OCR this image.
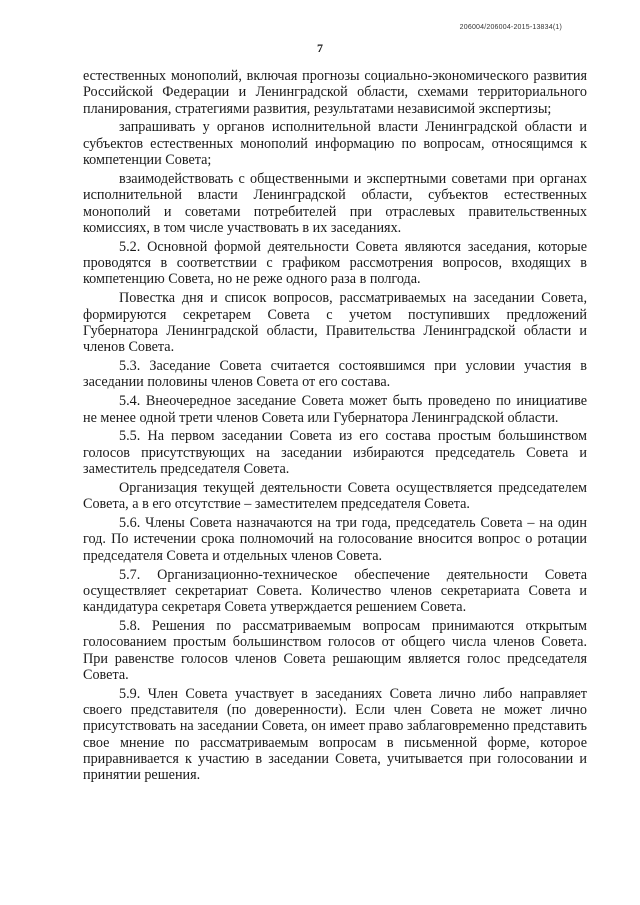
206004/206004-2015-13834(1)
7

естественных монополий, включая прогнозы социально-экономического развития Российской Федерации и Ленинградской области, схемами территориального планирования, стратегиями развития, результатами независимой экспертизы;

запрашивать у органов исполнительной власти Ленинградской области и субъектов естественных монополий информацию по вопросам, относящимся к компетенции Совета;

взаимодействовать с общественными и экспертными советами при органах исполнительной власти Ленинградской области, субъектов естественных монополий и советами потребителей при отраслевых правительственных комиссиях, в том числе участвовать в их заседаниях.

5.2. Основной формой деятельности Совета являются заседания, которые проводятся в соответствии с графиком рассмотрения вопросов, входящих в компетенцию Совета, но не реже одного раза в полгода.

Повестка дня и список вопросов, рассматриваемых на заседании Совета, формируются секретарем Совета с учетом поступивших предложений Губернатора Ленинградской области, Правительства Ленинградской области и членов Совета.

5.3. Заседание Совета считается состоявшимся при условии участия в заседании половины членов Совета от его состава.

5.4. Внеочередное заседание Совета может быть проведено по инициативе не менее одной трети членов Совета или Губернатора Ленинградской области.

5.5. На первом заседании Совета из его состава простым большинством голосов присутствующих на заседании избираются председатель Совета и заместитель председателя Совета.

Организация текущей деятельности Совета осуществляется председателем Совета, а в его отсутствие – заместителем председателя Совета.

5.6. Члены Совета назначаются на три года, председатель Совета – на один год. По истечении срока полномочий на голосование вносится вопрос о ротации председателя Совета и отдельных членов Совета.

5.7. Организационно-техническое обеспечение деятельности Совета осуществляет секретариат Совета. Количество членов секретариата Совета и кандидатура секретаря Совета утверждается решением Совета.

5.8. Решения по рассматриваемым вопросам принимаются открытым голосованием простым большинством голосов от общего числа членов Совета. При равенстве голосов членов Совета решающим является голос председателя Совета.

5.9. Член Совета участвует в заседаниях Совета лично либо направляет своего представителя (по доверенности). Если член Совета не может лично присутствовать на заседании Совета, он имеет право заблаговременно представить свое мнение по рассматриваемым вопросам в письменной форме, которое приравнивается к участию в заседании Совета, учитывается при голосовании и принятии решения.
